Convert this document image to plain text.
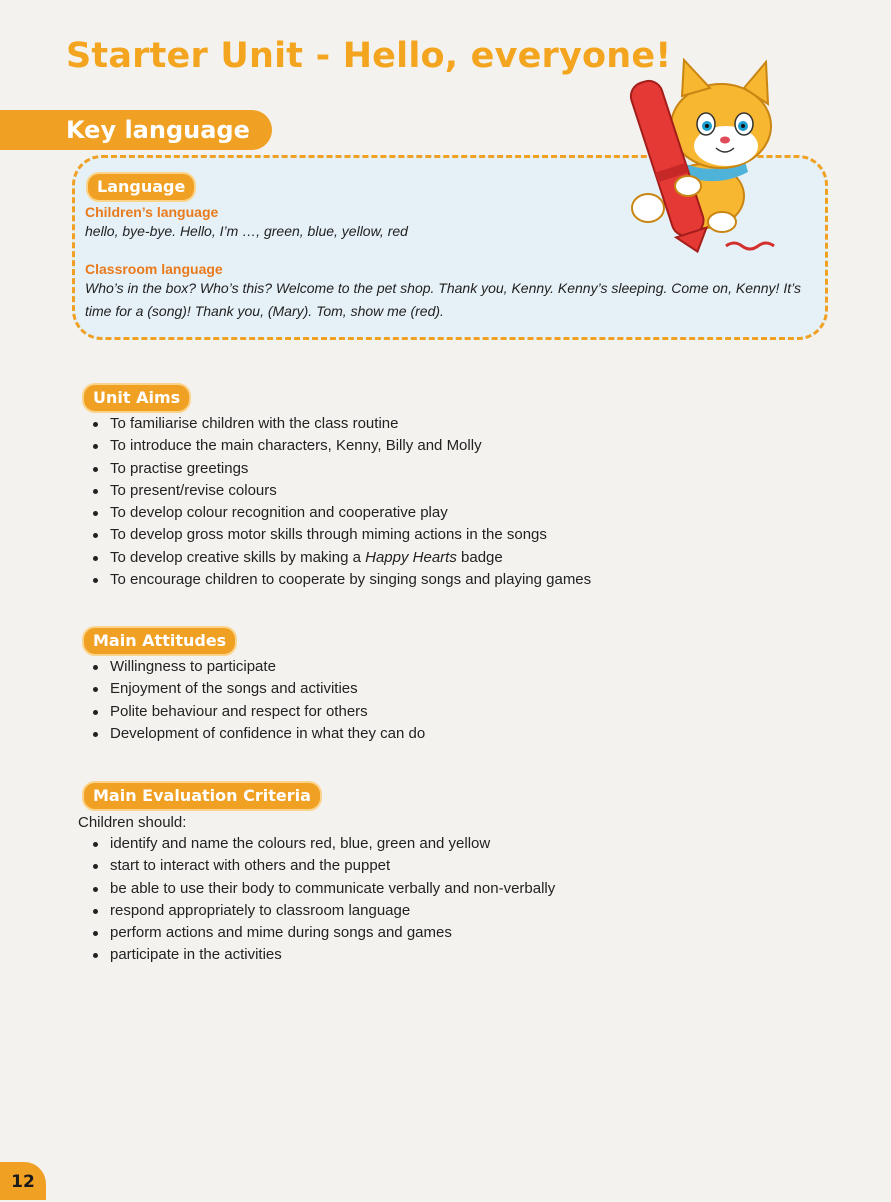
Starter Unit - Hello, everyone!
Key language
Language
Children’s language
hello, bye-bye. Hello, I’m …, green, blue, yellow, red
Classroom language
Who’s in the box? Who’s this? Welcome to the pet shop. Thank you, Kenny. Kenny’s sleeping. Come on, Kenny! It’s time for a (song)! Thank you, (Mary). Tom, show me (red).
Unit Aims
To familiarise children with the class routine
To introduce the main characters, Kenny, Billy and Molly
To practise greetings
To present/revise colours
To develop colour recognition and cooperative play
To develop gross motor skills through miming actions in the songs
To develop creative skills by making a Happy Hearts badge
To encourage children to cooperate by singing songs and playing games
Main Attitudes
Willingness to participate
Enjoyment of the songs and activities
Polite behaviour and respect for others
Development of confidence in what they can do
Main Evaluation Criteria
Children should:
identify and name the colours red, blue, green and yellow
start to interact with others and the puppet
be able to use their body to communicate verbally and non-verbally
respond appropriately to classroom language
perform actions and mime during songs and games
participate in the activities
12
